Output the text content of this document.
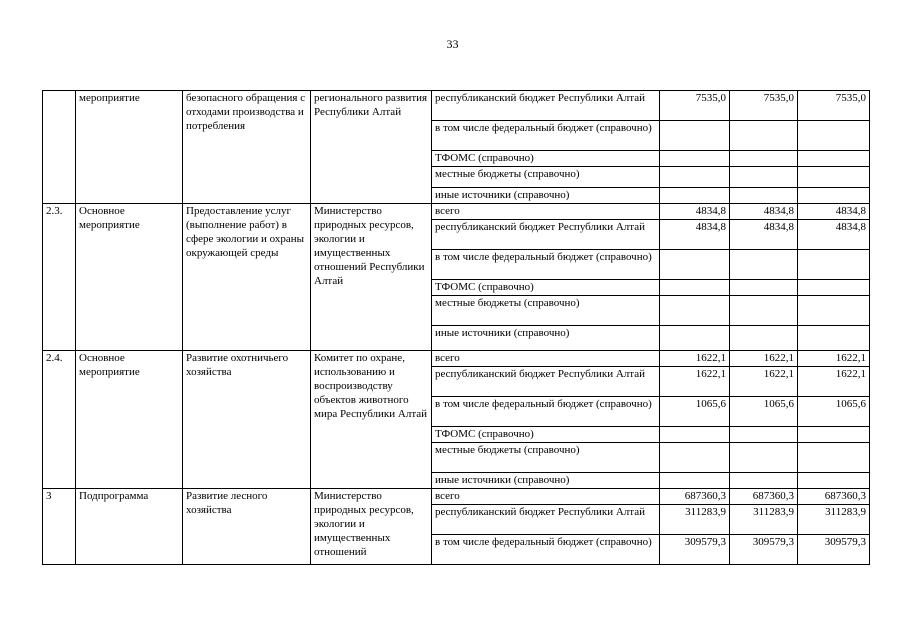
33
	мероприятие	безопасного обращения с отходами производства и потребления	регионального развития Республики Алтай	республиканский бюджет Республики Алтай	7535,0	7535,0	7535,0
				в том числе федеральный бюджет (справочно)			
				ТФОМС (справочно)			
				местные бюджеты (справочно)			
				иные источники (справочно)			
2.3.	Основное мероприятие	Предоставление услуг (выполнение работ) в сфере экологии и охраны окружающей среды	Министерство природных ресурсов, экологии и имущественных отношений Республики Алтай	всего	4834,8	4834,8	4834,8
				республиканский бюджет Республики Алтай	4834,8	4834,8	4834,8
				в том числе федеральный бюджет (справочно)			
				ТФОМС (справочно)			
				местные бюджеты (справочно)			
				иные источники (справочно)			
2.4.	Основное мероприятие	Развитие охотничьего хозяйства	Комитет по охране, использованию и воспроизводству объектов животного мира Республики Алтай	всего	1622,1	1622,1	1622,1
				республиканский бюджет Республики Алтай	1622,1	1622,1	1622,1
				в том числе федеральный бюджет (справочно)	1065,6	1065,6	1065,6
				ТФОМС (справочно)			
				местные бюджеты (справочно)			
				иные источники (справочно)			
3	Подпрограмма	Развитие лесного хозяйства	Министерство природных ресурсов, экологии и имущественных отношений	всего	687360,3	687360,3	687360,3
				республиканский бюджет Республики Алтай	311283,9	311283,9	311283,9
				в том числе федеральный бюджет (справочно)	309579,3	309579,3	309579,3
